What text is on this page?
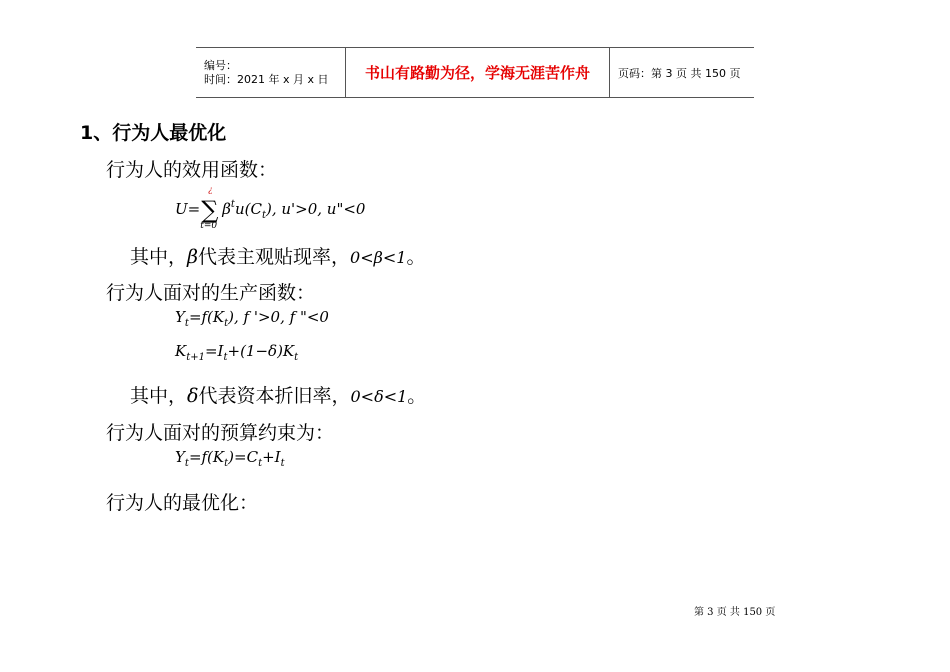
编号：
时间：2021 年 x 月 x 日	书山有路勤为径，学海无涯苦作舟	页码：第 3 页 共 150 页
1、行为人最优化
行为人的效用函数：
U= ∑
¿
t=0
$\beta^tu(C_t)$, u'>0, u"<0
其中，β代表主观贴现率，0<β<1。
行为人面对的生产函数：
$Y_t=f(K_t)$, f '>0, f "<0
$K_{t+1}=I_t+(1-\delta)K_t$
其中，δ代表资本折旧率，0<δ<1。
行为人面对的预算约束为：
$Y_t=f(K_t)=C_t+I_t$
行为人的最优化：
第 3 页 共 150 页
